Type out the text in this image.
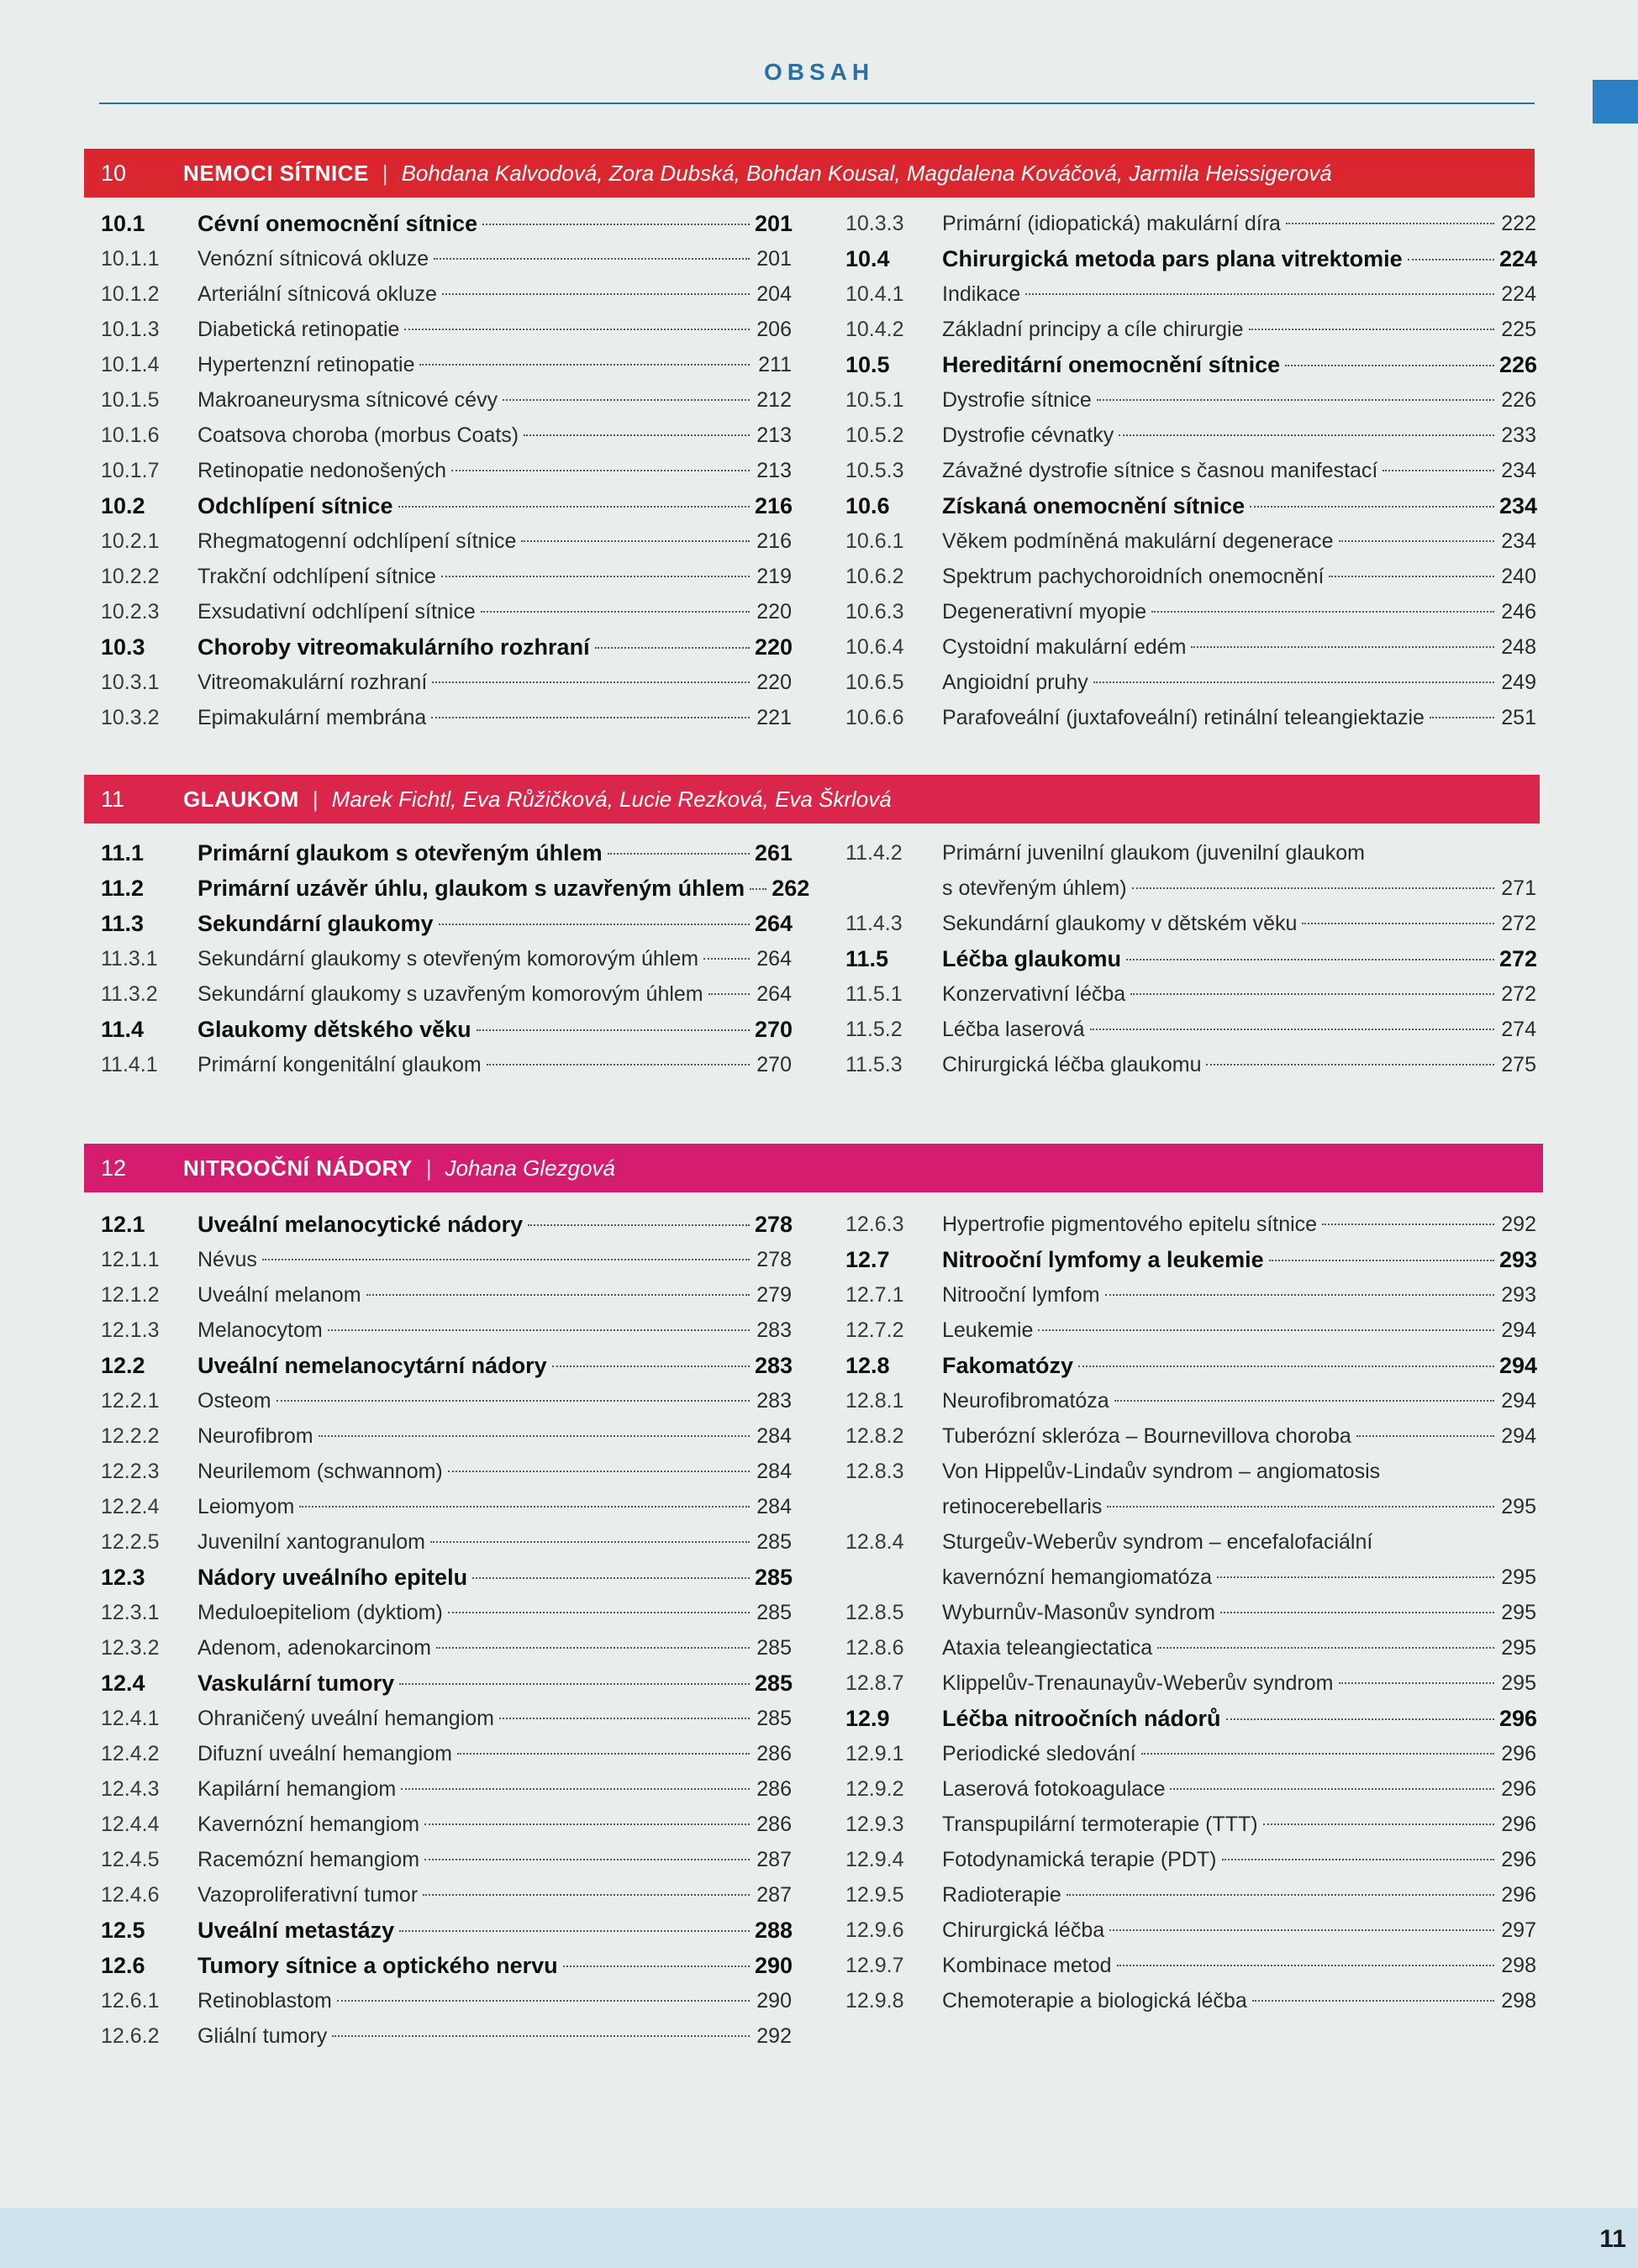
OBSAH
10	NEMOCI SÍTNICE | Bohdana Kalvodová, Zora Dubská, Bohdan Kousal, Magdalena Kováčová, Jarmila Heissigerová
10.1	Cévní onemocnění sítnice	201
10.1.1	Venózní sítnicová okluze	201
10.1.2	Arteriální sítnicová okluze	204
10.1.3	Diabetická retinopatie	206
10.1.4	Hypertenzní retinopatie	211
10.1.5	Makroaneurysma sítnicové cévy	212
10.1.6	Coatsova choroba (morbus Coats)	213
10.1.7	Retinopatie nedonošených	213
10.2	Odchlípení sítnice	216
10.2.1	Rhegmatogenní odchlípení sítnice	216
10.2.2	Trakční odchlípení sítnice	219
10.2.3	Exsudativní odchlípení sítnice	220
10.3	Choroby vitreomakulárního rozhraní	220
10.3.1	Vitreomakulární rozhraní	220
10.3.2	Epimakulární membrána	221
10.3.3	Primární (idiopatická) makulární díra	222
10.4	Chirurgická metoda pars plana vitrektomie	224
10.4.1	Indikace	224
10.4.2	Základní principy a cíle chirurgie	225
10.5	Hereditární onemocnění sítnice	226
10.5.1	Dystrofie sítnice	226
10.5.2	Dystrofie cévnatky	233
10.5.3	Závažné dystrofie sítnice s časnou manifestací	234
10.6	Získaná onemocnění sítnice	234
10.6.1	Věkem podmíněná makulární degenerace	234
10.6.2	Spektrum pachychoroidních onemocnění	240
10.6.3	Degenerativní myopie	246
10.6.4	Cystoidní makulární edém	248
10.6.5	Angioidní pruhy	249
10.6.6	Parafoveální (juxtafoveální) retinální teleangiektazie	251
11	GLAUKOM | Marek Fichtl, Eva Růžičková, Lucie Rezková, Eva Škrlová
11.1	Primární glaukom s otevřeným úhlem	261
11.2	Primární uzávěr úhlu, glaukom s uzavřeným úhlem 262
11.3	Sekundární glaukomy	264
11.3.1	Sekundární glaukomy s otevřeným komorovým úhlem	264
11.3.2	Sekundární glaukomy s uzavřeným komorovým úhlem	264
11.4	Glaukomy dětského věku	270
11.4.1	Primární kongenitální glaukom	270
11.4.2	Primární juvenilní glaukom (juvenilní glaukom
s otevřeným úhlem)	271
11.4.3	Sekundární glaukomy v dětském věku	272
11.5	Léčba glaukomu	272
11.5.1	Konzervativní léčba	272
11.5.2	Léčba laserová	274
11.5.3	Chirurgická léčba glaukomu	275
12	NITROOČNÍ NÁDORY | Johana Glezgová
12.1	Uveální melanocytické nádory	278
12.1.1	Névus	278
12.1.2	Uveální melanom	279
12.1.3	Melanocytom	283
12.2	Uveální nemelanocytární nádory	283
12.2.1	Osteom	283
12.2.2	Neurofibrom	284
12.2.3	Neurilemom (schwannom)	284
12.2.4	Leiomyom	284
12.2.5	Juvenilní xantogranulom	285
12.3	Nádory uveálního epitelu	285
12.3.1	Meduloepiteliom (dyktiom)	285
12.3.2	Adenom, adenokarcinom	285
12.4	Vaskulární tumory	285
12.4.1	Ohraničený uveální hemangiom	285
12.4.2	Difuzní uveální hemangiom	286
12.4.3	Kapilární hemangiom	286
12.4.4	Kavernózní hemangiom	286
12.4.5	Racemózní hemangiom	287
12.4.6	Vazoproliferativní tumor	287
12.5	Uveální metastázy	288
12.6	Tumory sítnice a optického nervu	290
12.6.1	Retinoblastom	290
12.6.2	Gliální tumory	292
12.6.3	Hypertrofie pigmentového epitelu sítnice	292
12.7	Nitrooční lymfomy a leukemie	293
12.7.1	Nitrooční lymfom	293
12.7.2	Leukemie	294
12.8	Fakomatózy	294
12.8.1	Neurofibromatóza	294
12.8.2	Tuberózní skleróza – Bournevillova choroba	294
12.8.3	Von Hippelův-Lindaův syndrom – angiomatosis
retinocerebellaris	295
12.8.4	Sturgeův-Weberův syndrom – encefalofaciální
kavernózní hemangiomatóza	295
12.8.5	Wyburnův-Masonův syndrom	295
12.8.6	Ataxia teleangiectatica	295
12.8.7	Klippelův-Trenaunayův-Weberův syndrom	295
12.9	Léčba nitroočních nádorů	296
12.9.1	Periodické sledování	296
12.9.2	Laserová fotokoagulace	296
12.9.3	Transpupilární termoterapie (TTT)	296
12.9.4	Fotodynamická terapie (PDT)	296
12.9.5	Radioterapie	296
12.9.6	Chirurgická léčba	297
12.9.7	Kombinace metod	298
12.9.8	Chemoterapie a biologická léčba	298
11
